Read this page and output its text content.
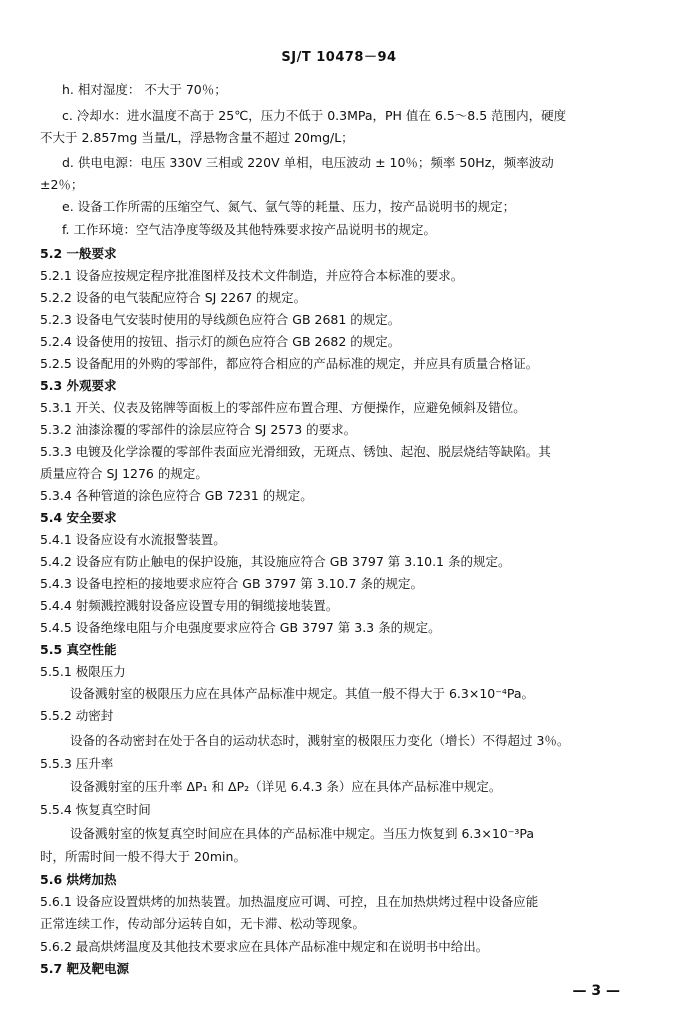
SJ/T 10478－94
h. 相对湿度： 不大于 70％；
c. 冷却水：进水温度不高于 25℃，压力不低于 0.3MPa，PH 值在 6.5～8.5 范围内，硬度
不大于 2.857mg 当量/L，浮悬物含量不超过 20mg/L；
d. 供电电源：电压 330V 三相或 220V 单相，电压波动 ± 10％；频率 50Hz，频率波动
±2％；
e. 设备工作所需的压缩空气、氮气、氩气等的耗量、压力，按产品说明书的规定；
f. 工作环境：空气洁净度等级及其他特殊要求按产品说明书的规定。
5.2 一般要求
5.2.1 设备应按规定程序批准图样及技术文件制造，并应符合本标准的要求。
5.2.2 设备的电气装配应符合 SJ 2267 的规定。
5.2.3 设备电气安装时使用的导线颜色应符合 GB 2681 的规定。
5.2.4 设备使用的按钮、指示灯的颜色应符合 GB 2682 的规定。
5.2.5 设备配用的外购的零部件，都应符合相应的产品标准的规定，并应具有质量合格证。
5.3 外观要求
5.3.1 开关、仪表及铭牌等面板上的零部件应布置合理、方便操作，应避免倾斜及错位。
5.3.2 油漆涂覆的零部件的涂层应符合 SJ 2573 的要求。
5.3.3 电镀及化学涂覆的零部件表面应光滑细致，无斑点、锈蚀、起泡、脱层烧结等缺陷。其
质量应符合 SJ 1276 的规定。
5.3.4 各种管道的涂色应符合 GB 7231 的规定。
5.4 安全要求
5.4.1 设备应设有水流报警装置。
5.4.2 设备应有防止触电的保护设施，其设施应符合 GB 3797 第 3.10.1 条的规定。
5.4.3 设备电控柜的接地要求应符合 GB 3797 第 3.10.7 条的规定。
5.4.4 射频溅控溅射设备应设置专用的铜缆接地装置。
5.4.5 设备绝缘电阻与介电强度要求应符合 GB 3797 第 3.3 条的规定。
5.5 真空性能
5.5.1 极限压力
设备溅射室的极限压力应在具体产品标准中规定。其值一般不得大于 6.3×10⁻⁴Pa。
5.5.2 动密封
设备的各动密封在处于各自的运动状态时，溅射室的极限压力变化（增长）不得超过 3％。
5.5.3 压升率
设备溅射室的压升率 ΔP₁ 和 ΔP₂（详见 6.4.3 条）应在具体产品标准中规定。
5.5.4 恢复真空时间
设备溅射室的恢复真空时间应在具体的产品标准中规定。当压力恢复到 6.3×10⁻³Pa
时，所需时间一般不得大于 20min。
5.6 烘烤加热
5.6.1 设备应设置烘烤的加热装置。加热温度应可调、可控，且在加热烘烤过程中设备应能
正常连续工作，传动部分运转自如，无卡滞、松动等现象。
5.6.2 最高烘烤温度及其他技术要求应在具体产品标准中规定和在说明书中给出。
5.7 靶及靶电源
— 3 —
